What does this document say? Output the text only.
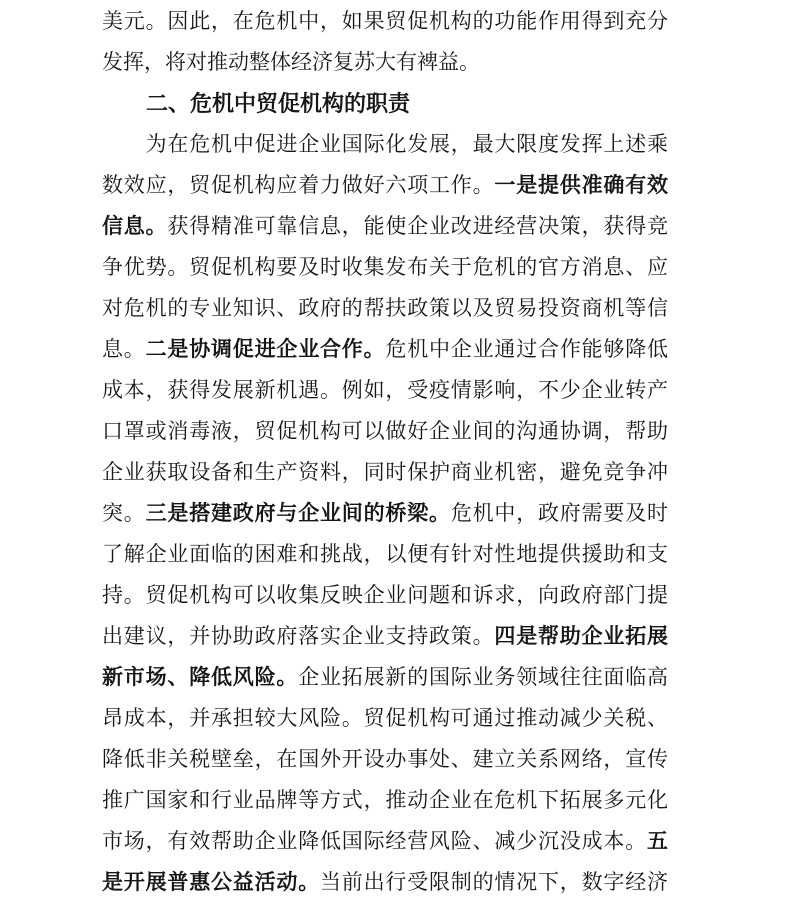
美元。因此，在危机中，如果贸促机构的功能作用得到充分
发挥，将对推动整体经济复苏大有裨益。
　　二、危机中贸促机构的职责
　　为在危机中促进企业国际化发展，最大限度发挥上述乘
数效应，贸促机构应着力做好六项工作。一是提供准确有效
信息。获得精准可靠信息，能使企业改进经营决策，获得竞
争优势。贸促机构要及时收集发布关于危机的官方消息、应
对危机的专业知识、政府的帮扶政策以及贸易投资商机等信
息。二是协调促进企业合作。危机中企业通过合作能够降低
成本，获得发展新机遇。例如，受疫情影响，不少企业转产
口罩或消毒液，贸促机构可以做好企业间的沟通协调，帮助
企业获取设备和生产资料，同时保护商业机密，避免竞争冲
突。三是搭建政府与企业间的桥梁。危机中，政府需要及时
了解企业面临的困难和挑战，以便有针对性地提供援助和支
持。贸促机构可以收集反映企业问题和诉求，向政府部门提
出建议，并协助政府落实企业支持政策。四是帮助企业拓展
新市场、降低风险。企业拓展新的国际业务领域往往面临高
昂成本，并承担较大风险。贸促机构可通过推动减少关税、
降低非关税壁垒，在国外开设办事处、建立关系网络，宣传
推广国家和行业品牌等方式，推动企业在危机下拓展多元化
市场，有效帮助企业降低国际经营风险、减少沉没成本。五
是开展普惠公益活动。当前出行受限制的情况下，数字经济
